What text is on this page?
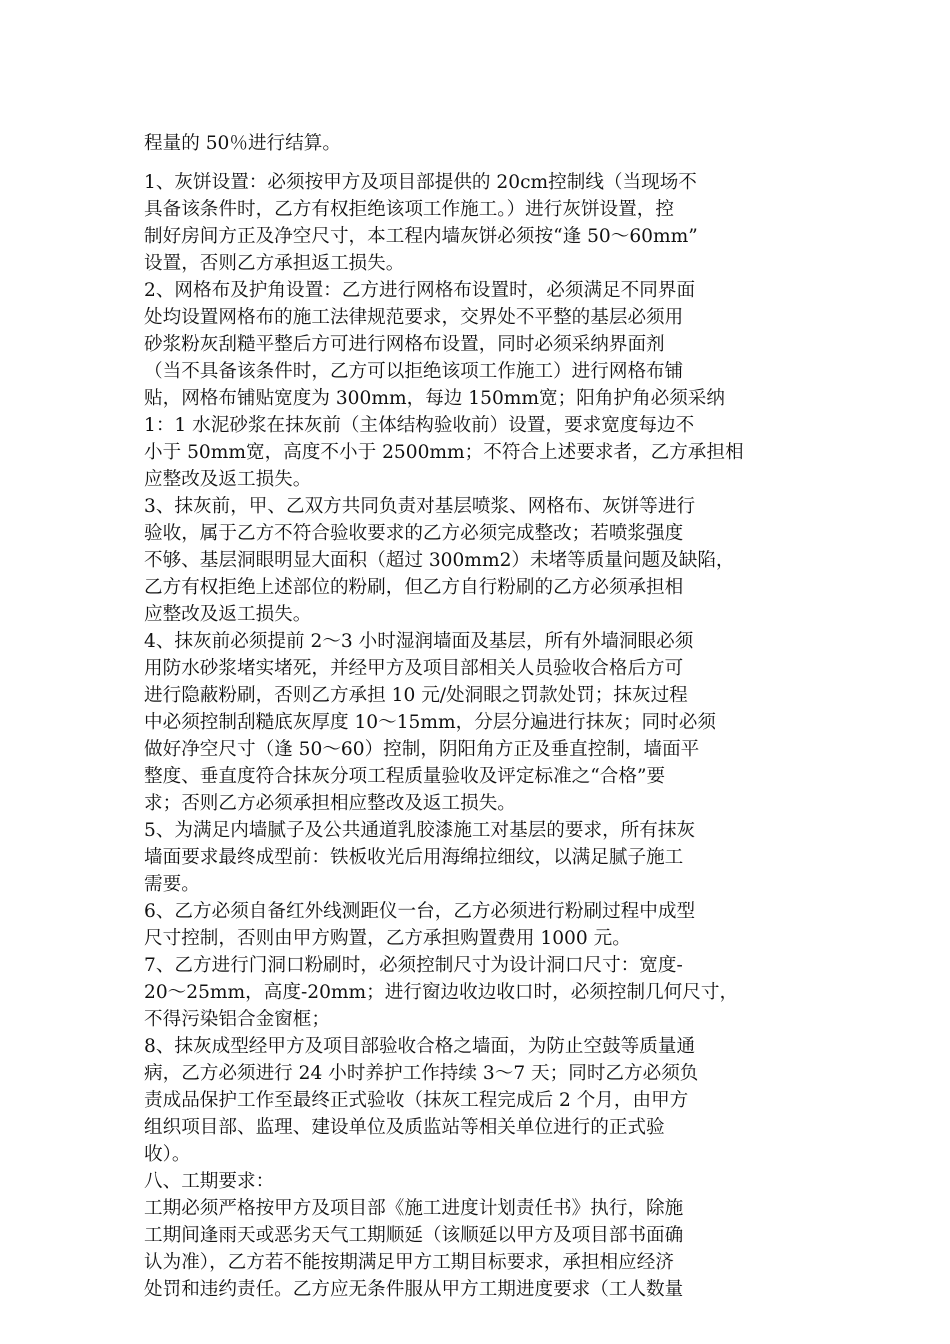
程量的 50％进行结算。
1、灰饼设置：必须按甲方及项目部提供的 20cm控制线（当现场不
具备该条件时，乙方有权拒绝该项工作施工。）进行灰饼设置，控
制好房间方正及净空尺寸，本工程内墙灰饼必须按“逢 50～60mm”
设置，否则乙方承担返工损失。
2、网格布及护角设置：乙方进行网格布设置时，必须满足不同界面
处均设置网格布的施工法律规范要求，交界处不平整的基层必须用
砂浆粉灰刮糙平整后方可进行网格布设置，同时必须采纳界面剂
（当不具备该条件时，乙方可以拒绝该项工作施工）进行网格布铺
贴，网格布铺贴宽度为 300mm，每边 150mm宽；阳角护角必须采纳
1：1 水泥砂浆在抹灰前（主体结构验收前）设置，要求宽度每边不
小于 50mm宽，高度不小于 2500mm；不符合上述要求者，乙方承担相
应整改及返工损失。
3、抹灰前，甲、乙双方共同负责对基层喷浆、网格布、灰饼等进行
验收，属于乙方不符合验收要求的乙方必须完成整改；若喷浆强度
不够、基层洞眼明显大面积（超过 300mm2）未堵等质量问题及缺陷，
乙方有权拒绝上述部位的粉刷，但乙方自行粉刷的乙方必须承担相
应整改及返工损失。
4、抹灰前必须提前 2～3 小时湿润墙面及基层，所有外墙洞眼必须
用防水砂浆堵实堵死，并经甲方及项目部相关人员验收合格后方可
进行隐蔽粉刷，否则乙方承担 10 元/处洞眼之罚款处罚；抹灰过程
中必须控制刮糙底灰厚度 10～15mm，分层分遍进行抹灰；同时必须
做好净空尺寸（逢 50～60）控制，阴阳角方正及垂直控制，墙面平
整度、垂直度符合抹灰分项工程质量验收及评定标准之“合格”要
求；否则乙方必须承担相应整改及返工损失。
5、为满足内墙腻子及公共通道乳胶漆施工对基层的要求，所有抹灰
墙面要求最终成型前：铁板收光后用海绵拉细纹，以满足腻子施工
需要。
6、乙方必须自备红外线测距仪一台，乙方必须进行粉刷过程中成型
尺寸控制，否则由甲方购置，乙方承担购置费用 1000 元。
7、乙方进行门洞口粉刷时，必须控制尺寸为设计洞口尺寸：宽度-
20～25mm，高度-20mm；进行窗边收边收口时，必须控制几何尺寸，
不得污染铝合金窗框；
8、抹灰成型经甲方及项目部验收合格之墙面，为防止空鼓等质量通
病，乙方必须进行 24 小时养护工作持续 3～7 天；同时乙方必须负
责成品保护工作至最终正式验收（抹灰工程完成后 2 个月，由甲方
组织项目部、监理、建设单位及质监站等相关单位进行的正式验
收）。
八、工期要求：
工期必须严格按甲方及项目部《施工进度计划责任书》执行，除施
工期间逢雨天或恶劣天气工期顺延（该顺延以甲方及项目部书面确
认为准），乙方若不能按期满足甲方工期目标要求，承担相应经济
处罚和违约责任。乙方应无条件服从甲方工期进度要求（工人数量
